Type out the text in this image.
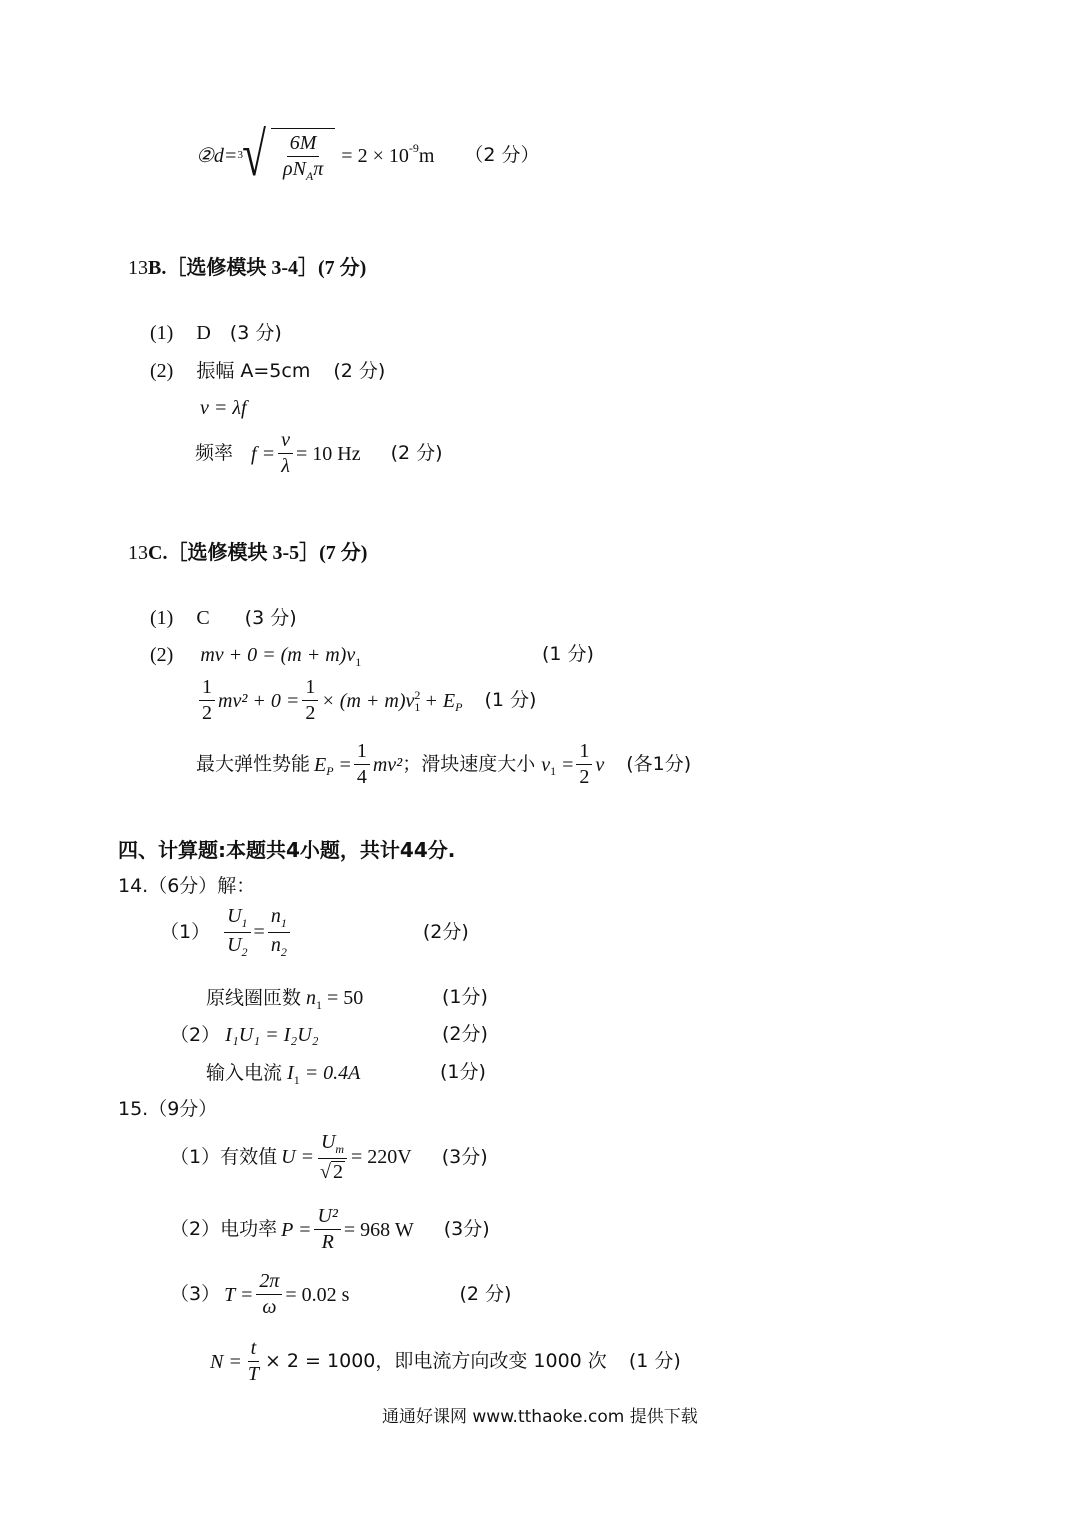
②d= 3 √ $\frac{6M}{\rho N_A\pi} = 2 \times 10^{-9}$ m （2 分）
13B.［选修模块 3-4］(7 分)
(1) D (3 分)
(2) 振幅 A=5cm (2 分)
v = λf
频率 $f = \frac{v}{\lambda} = 10$ Hz (2 分)
13C.［选修模块 3-5］(7 分)
(1) C (3 分)
(2) mv + $0 = (m + m)v_1$	(1 分)
$\frac{1}{2} mv^2 + 0 = \frac{1}{2} \times (m + m)v$ 2
$1 + E_P$ (1 分)
最大弹性势能 $E_P = \frac{1}{4} mv^2$ ；滑块速度大小 $v_1 = \frac{1}{2}$ v (各1分)
四、计算题:本题共4小题，共计44分.
14.（6分）解：
$(1) \frac{U_1}{U_2} = \frac{n_1}{n_2}$	(2分)
原线圈匝数 $n_1 = 50$	(1分)
（2） I₁U₁ = I₂U₂	(2分)
输入电流 $I_1 = 0.4A$	(1分)
15.（9分）
（1）有效值 $U = \frac{U_m}{√ 2} = 220V$ (3分)
（2）电功率 $P = \frac{\text{U²}}{R} = 968$ W (3分)
（3） $T = \frac{2\pi}{\omega} = 0.02$ s	(2 分)
$N = \frac{t}{T} \times 2 = 1000$，即电流方向改变 1000 次 (1 分)
通通好课网 www.tthaoke.com 提供下载
